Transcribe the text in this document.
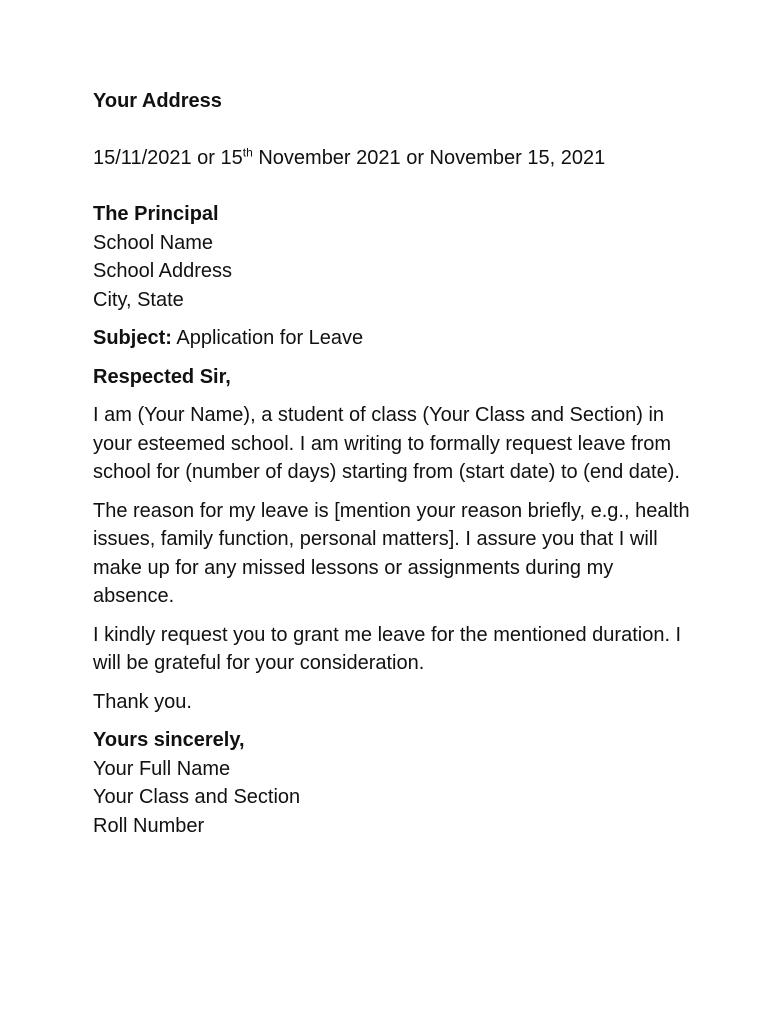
Your Address

15/11/2021 or 15th November 2021 or November 15, 2021

The Principal

School Name

School Address

City, State

Subject: Application for Leave

Respected Sir,

I am (Your Name), a student of class (Your Class and Section) in your esteemed school. I am writing to formally request leave from school for (number of days) starting from (start date) to (end date).

The reason for my leave is [mention your reason briefly, e.g., health issues, family function, personal matters]. I assure you that I will make up for any missed lessons or assignments during my absence.

I kindly request you to grant me leave for the mentioned duration. I will be grateful for your consideration.

Thank you.

Yours sincerely,

Your Full Name

Your Class and Section

Roll Number
